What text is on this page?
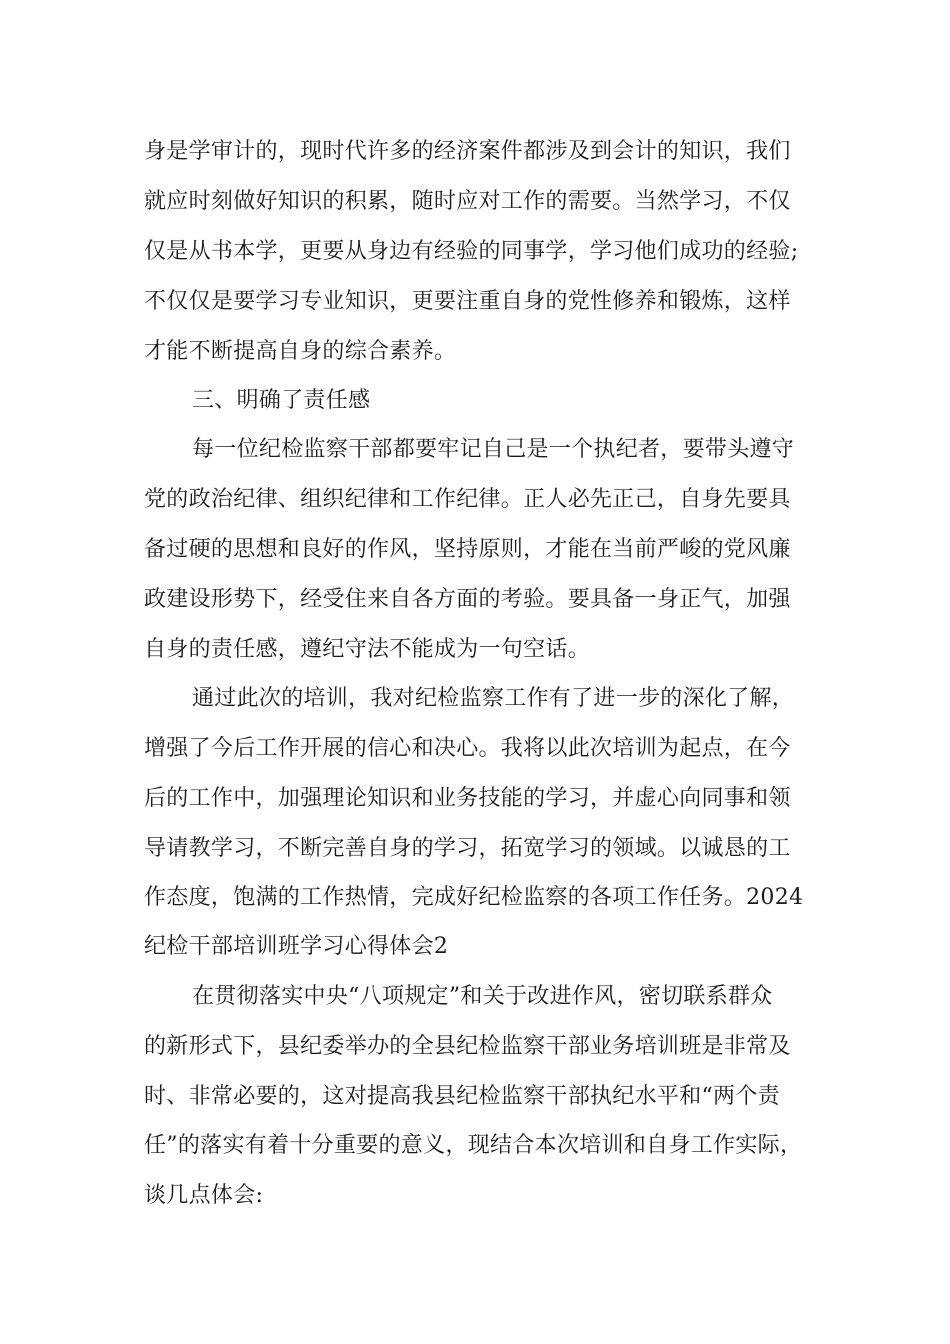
身是学审计的，现时代许多的经济案件都涉及到会计的知识，我们
就应时刻做好知识的积累，随时应对工作的需要。当然学习，不仅
仅是从书本学，更要从身边有经验的同事学，学习他们成功的经验;
不仅仅是要学习专业知识，更要注重自身的党性修养和锻炼，这样
才能不断提高自身的综合素养。
三、明确了责任感
每一位纪检监察干部都要牢记自己是一个执纪者，要带头遵守
党的政治纪律、组织纪律和工作纪律。正人必先正己，自身先要具
备过硬的思想和良好的作风，坚持原则，才能在当前严峻的党风廉
政建设形势下，经受住来自各方面的考验。要具备一身正气，加强
自身的责任感，遵纪守法不能成为一句空话。
通过此次的培训，我对纪检监察工作有了进一步的深化了解，
增强了今后工作开展的信心和决心。我将以此次培训为起点，在今
后的工作中，加强理论知识和业务技能的学习，并虚心向同事和领
导请教学习，不断完善自身的学习，拓宽学习的领域。以诚恳的工
作态度，饱满的工作热情，完成好纪检监察的各项工作任务。2024
纪检干部培训班学习心得体会2
在贯彻落实中央“八项规定”和关于改进作风，密切联系群众
的新形式下，县纪委举办的全县纪检监察干部业务培训班是非常及
时、非常必要的，这对提高我县纪检监察干部执纪水平和“两个责
任”的落实有着十分重要的意义，现结合本次培训和自身工作实际，
谈几点体会:
